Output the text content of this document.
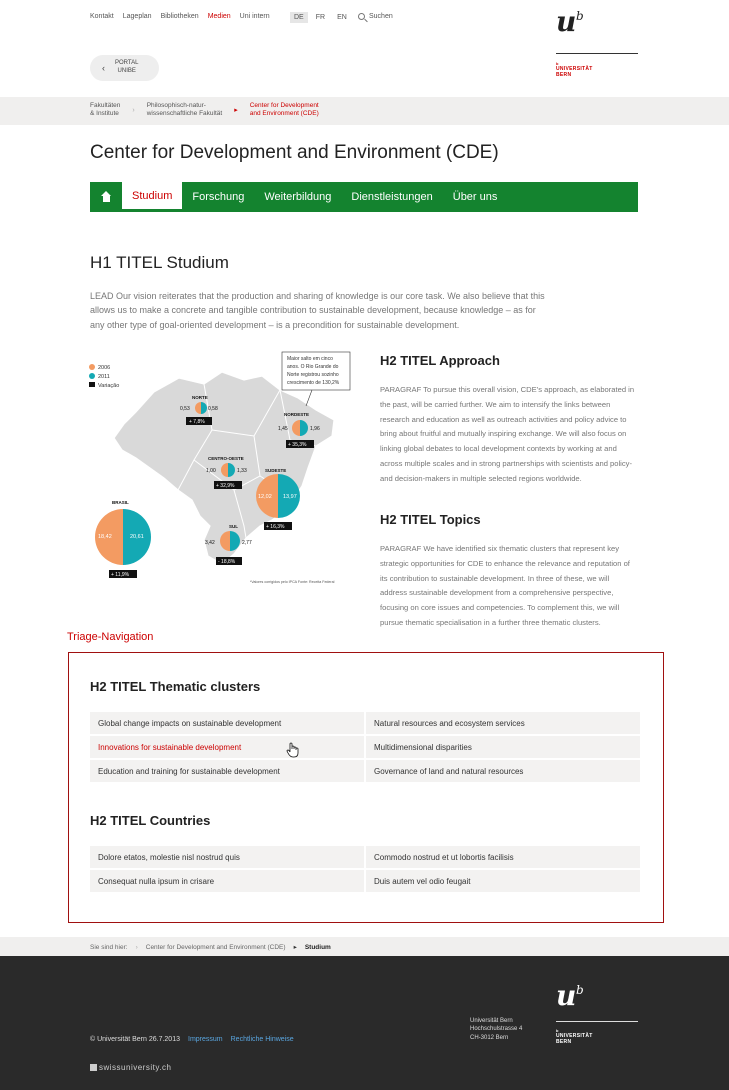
Kontakt Lageplan Bibliotheken Medien Uni intern	DE	FR	EN	Suchen	u b
b
UNIVERSITÄT
BERN
‹ PORTAL
UNIBE
Fakultäten
& Institute
›
Philosophisch-natur-
wissenschaftliche Fakultät
▸
Center for Development
and Environment (CDE)
Center for Development and Environment (CDE)
Studium	Forschung	Weiterbildung	Dienstleistungen	Über uns
H1 TITEL Studium

LEAD Our vision reiterates that the production and sharing of knowledge is our core task. We also believe that this allows us to make a concrete and tangible contribution to sustainable development, because knowledge – as for any other type of goal-oriented development – is a precondition for sustainable development.

2006
2011
Variação
Maior salto em cinco
anos. O Rio Grande do
Norte registrou sozinho
crescimento de 130,2%
NORTE
0,53	0,58
+ 7,8%
NORDESTE
1,45	1,96
+ 35,3%
CENTRO-OESTE
1,00	1,33
+ 32,9%
SUDESTE
12,02 13,97
+ 16,3%
SUL
3,42	2,77
- 18,8%
BRASIL
18,42	20,61
+ 11,9%
*Valores corrigidos pelo IPCA Fonte: Receita Federal
H2 TITEL Approach

PARAGRAF To pursue this overall vision, CDE’s approach, as elaborated in the past, will be carried further. We aim to intensify the links between research and education as well as outreach activities and policy advice to bring about fruitful and mutually inspiring exchange. We will also focus on linking global debates to local development contexts by working at and across multiple scales and in strong partnerships with scientists and policy- and decision-makers in multiple selected regions worldwide.

H2 TITEL Topics

PARAGRAF We have identified six thematic clusters that represent key strategic opportunities for CDE to enhance the relevance and reputation of its contribution to sustainable development. In three of these, we will address sustainable development from a comprehensive perspective, focusing on core issues and competencies. To complement this, we will pursue thematic specialisation in a further three thematic clusters.

Triage-Navigation
H2 TITEL Thematic clusters
Global change impacts on sustainable development	Natural resources and ecosystem services
Innovations for sustainable development	Multidimensional disparities
Education and training for sustainable development	Governance of land and natural resources
H2 TITEL Countries
Dolore etatos, molestie nisl nostrud quis	Commodo nostrud et ut lobortis facilisis
Consequat nulla ipsum in crisare	Duis autem vel odio feugait
Sie sind hier: › Center for Development and Environment (CDE) ▸ Studium
u b
b
UNIVERSITÄT
BERN
Universität Bern
Hochschulstrasse 4
CH-3012 Bern
© Universität Bern 26.7.2013 Impressum Rechtliche Hinweise
swissuniversity.ch
